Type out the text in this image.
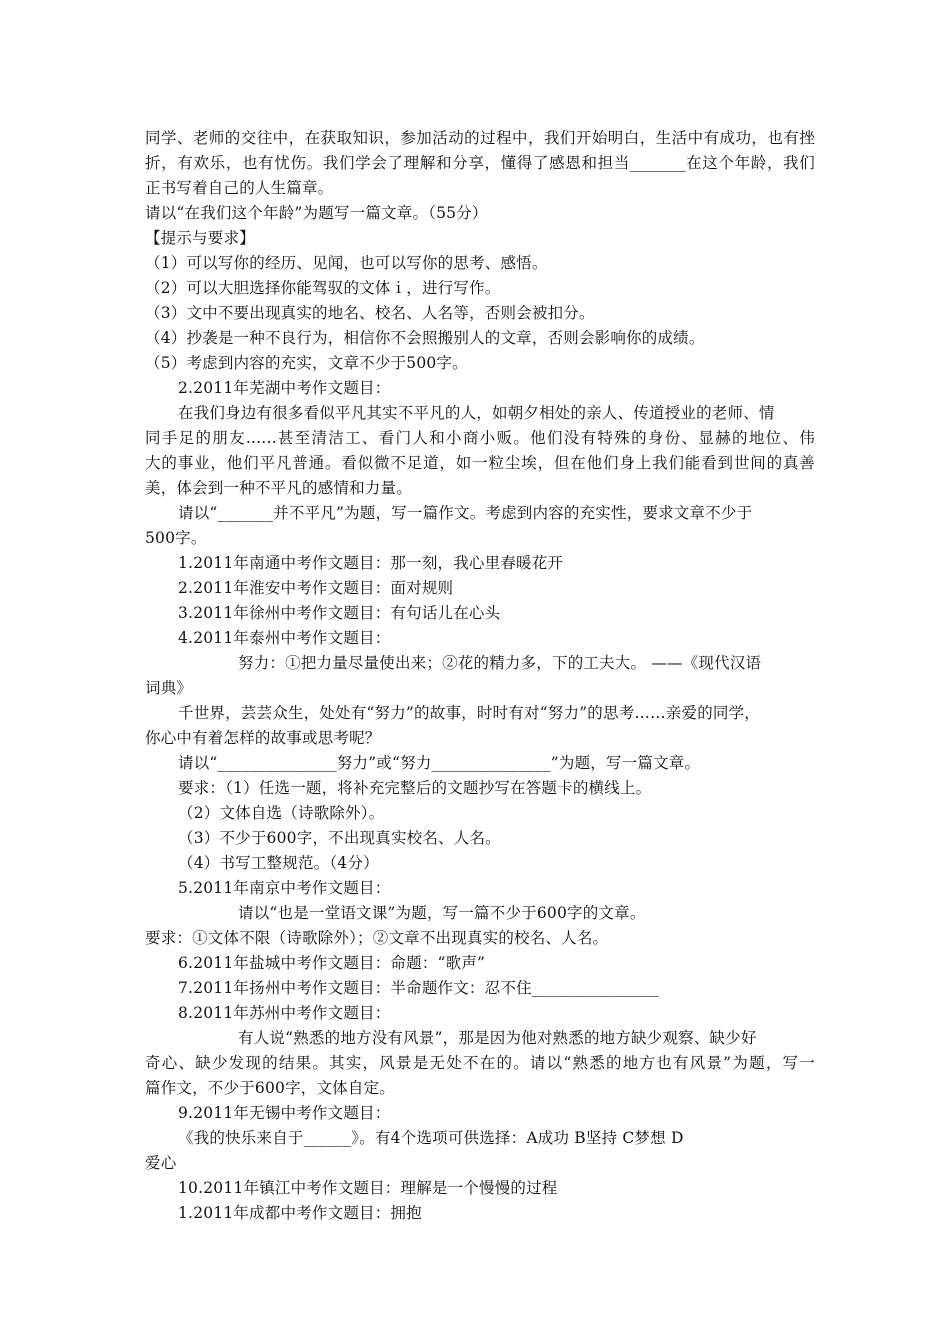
同学、老师的交往中，在获取知识，参加活动的过程中，我们开始明白，生活中有成功，也有挫
折，有欢乐，也有忧伤。我们学会了理解和分享，懂得了感恩和担当_______在这个年龄，我们
正书写着自己的人生篇章。
请以“在我们这个年龄”为题写一篇文章。（55分）
【提示与要求】
（1）可以写你的经历、见闻，也可以写你的思考、感悟。
（2）可以大胆选择你能驾驭的文体ｉ，进行写作。
（3）文中不要出现真实的地名、校名、人名等，否则会被扣分。
（4）抄袭是一种不良行为，相信你不会照搬别人的文章，否则会影响你的成绩。
（5）考虑到内容的充实，文章不少于500字。
2.2011年芜湖中考作文题目：
在我们身边有很多看似平凡其实不平凡的人，如朝夕相处的亲人、传道授业的老师、情
同手足的朋友......甚至清洁工、看门人和小商小贩。他们没有特殊的身份、显赫的地位、伟
大的事业，他们平凡普通。看似微不足道，如一粒尘埃，但在他们身上我们能看到世间的真善
美，体会到一种不平凡的感情和力量。
请以“_______并不平凡”为题，写一篇作文。考虑到内容的充实性，要求文章不少于
500字。
1.2011年南通中考作文题目：那一刻，我心里春暖花开
2.2011年淮安中考作文题目：面对规则
3.2011年徐州中考作文题目：有句话儿在心头
4.2011年泰州中考作文题目：
努力：①把力量尽量使出来；②花的精力多，下的工夫大。 ——《现代汉语
词典》
千世界，芸芸众生，处处有“努力”的故事，时时有对“努力”的思考……亲爱的同学，
你心中有着怎样的故事或思考呢？
请以“_______________努力”或“努力_______________”为题，写一篇文章。
要求：（1）任选一题，将补充完整后的文题抄写在答题卡的横线上。
（2）文体自选（诗歌除外）。
（3）不少于600字，不出现真实校名、人名。
（4）书写工整规范。（4分）
5.2011年南京中考作文题目：
请以“也是一堂语文课”为题，写一篇不少于600字的文章。
要求：①文体不限（诗歌除外）；②文章不出现真实的校名、人名。
6.2011年盐城中考作文题目：命题：“歌声”
7.2011年扬州中考作文题目：半命题作文：忍不住________________
8.2011年苏州中考作文题目：
有人说“熟悉的地方没有风景”，那是因为他对熟悉的地方缺少观察、缺少好
奇心、缺少发现的结果。其实，风景是无处不在的。请以“熟悉的地方也有风景”为题，写一
篇作文，不少于600字，文体自定。
9.2011年无锡中考作文题目：
《我的快乐来自于______》。有4个选项可供选择：A成功 B坚持 C梦想 D
爱心
10.2011年镇江中考作文题目：理解是一个慢慢的过程
1.2011年成都中考作文题目：拥抱
